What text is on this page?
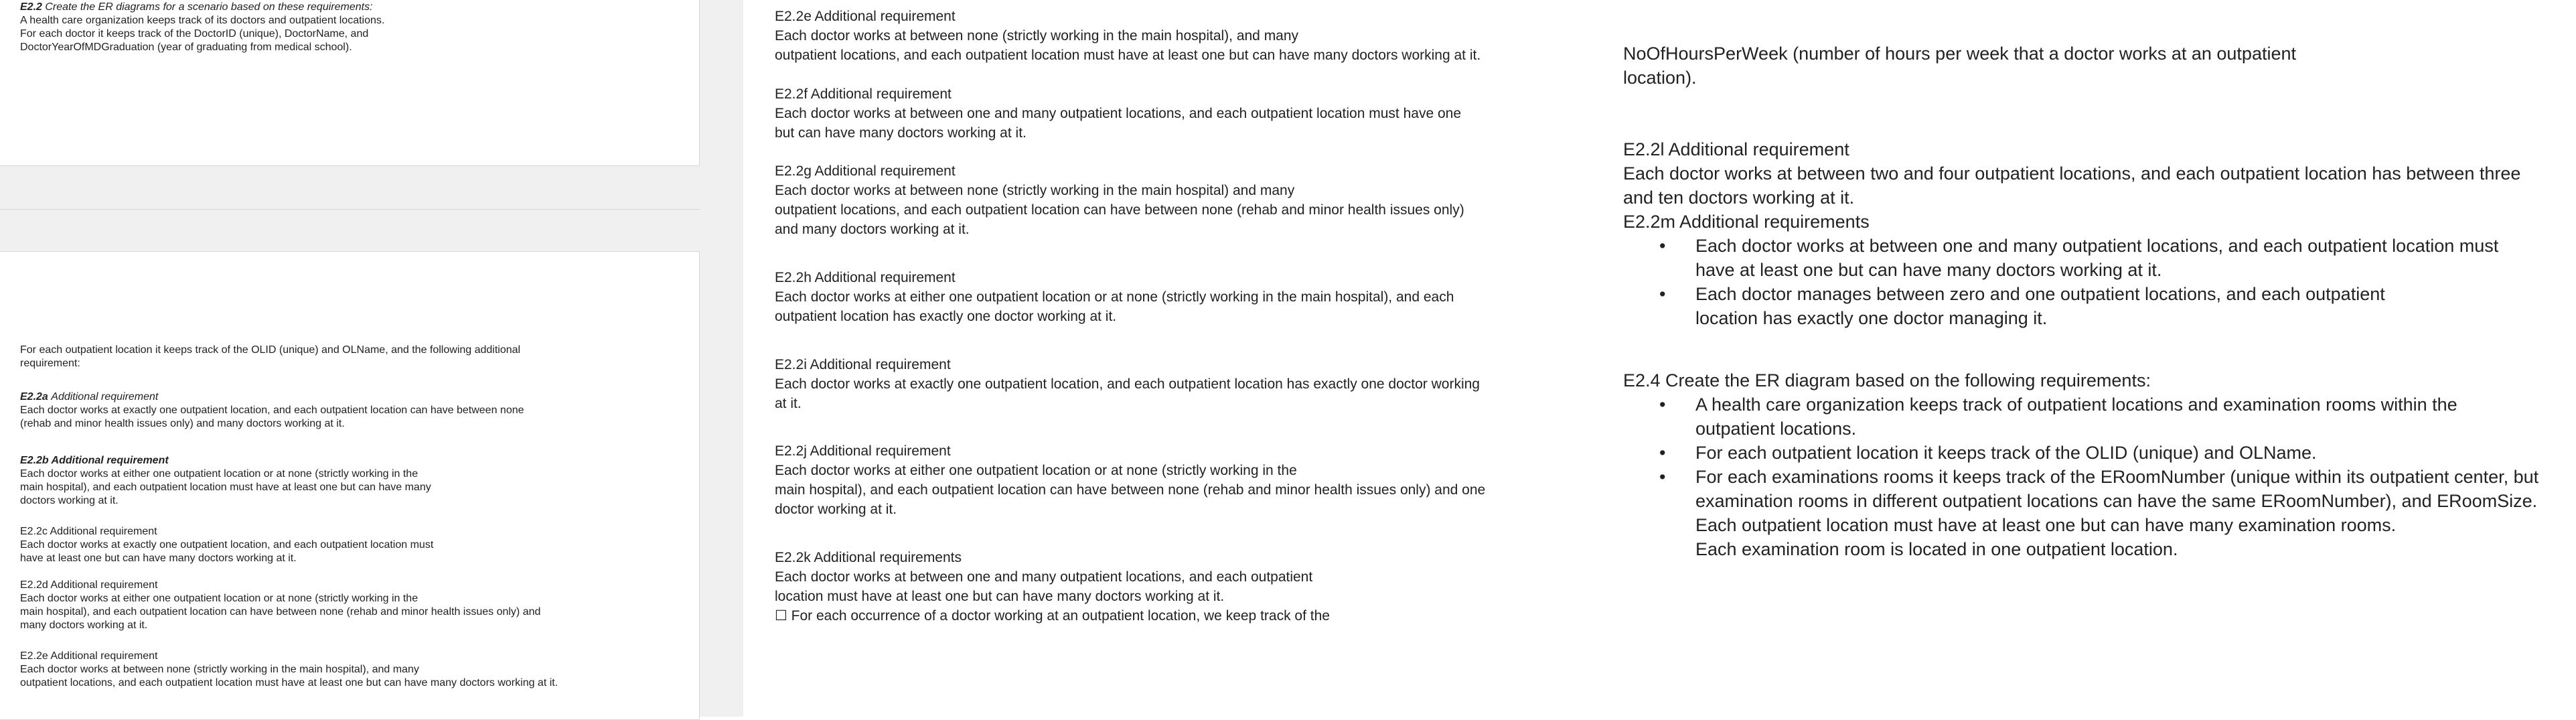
E2.2 Create the ER diagrams for a scenario based on these requirements:

A health care organization keeps track of its doctors and outpatient locations.

For each doctor it keeps track of the DoctorID (unique), DoctorName, and

DoctorYearOfMDGraduation (year of graduating from medical school).

For each outpatient location it keeps track of the OLID (unique) and OLName, and the following additional

requirement:

E2.2a Additional requirement

Each doctor works at exactly one outpatient location, and each outpatient location can have between none

(rehab and minor health issues only) and many doctors working at it.

E2.2b Additional requirement

Each doctor works at either one outpatient location or at none (strictly working in the

main hospital), and each outpatient location must have at least one but can have many

doctors working at it.

E2.2c Additional requirement

Each doctor works at exactly one outpatient location, and each outpatient location must

have at least one but can have many doctors working at it.

E2.2d Additional requirement

Each doctor works at either one outpatient location or at none (strictly working in the

main hospital), and each outpatient location can have between none (rehab and minor health issues only) and

many doctors working at it.

E2.2e Additional requirement

Each doctor works at between none (strictly working in the main hospital), and many

outpatient locations, and each outpatient location must have at least one but can have many doctors working at it.

E2.2e Additional requirement

Each doctor works at between none (strictly working in the main hospital), and many

outpatient locations, and each outpatient location must have at least one but can have many doctors working at it.

E2.2f Additional requirement

Each doctor works at between one and many outpatient locations, and each outpatient location must have one

but can have many doctors working at it.

E2.2g Additional requirement

Each doctor works at between none (strictly working in the main hospital) and many

outpatient locations, and each outpatient location can have between none (rehab and minor health issues only)

and many doctors working at it.

E2.2h Additional requirement

Each doctor works at either one outpatient location or at none (strictly working in the main hospital), and each

outpatient location has exactly one doctor working at it.

E2.2i Additional requirement

Each doctor works at exactly one outpatient location, and each outpatient location has exactly one doctor working

at it.

E2.2j Additional requirement

Each doctor works at either one outpatient location or at none (strictly working in the

main hospital), and each outpatient location can have between none (rehab and minor health issues only) and one

doctor working at it.

E2.2k Additional requirements

Each doctor works at between one and many outpatient locations, and each outpatient

location must have at least one but can have many doctors working at it.

☐ For each occurrence of a doctor working at an outpatient location, we keep track of the

NoOfHoursPerWeek (number of hours per week that a doctor works at an outpatient

location).

E2.2l Additional requirement

Each doctor works at between two and four outpatient locations, and each outpatient location has between three

and ten doctors working at it.

E2.2m Additional requirements

• Each doctor works at between one and many outpatient locations, and each outpatient location must

have at least one but can have many doctors working at it.

• Each doctor manages between zero and one outpatient locations, and each outpatient

location has exactly one doctor managing it.

E2.4 Create the ER diagram based on the following requirements:

• A health care organization keeps track of outpatient locations and examination rooms within the

outpatient locations.

• For each outpatient location it keeps track of the OLID (unique) and OLName.

• For each examinations rooms it keeps track of the ERoomNumber (unique within its outpatient center, but

examination rooms in different outpatient locations can have the same ERoomNumber), and ERoomSize.

Each outpatient location must have at least one but can have many examination rooms.

Each examination room is located in one outpatient location.
